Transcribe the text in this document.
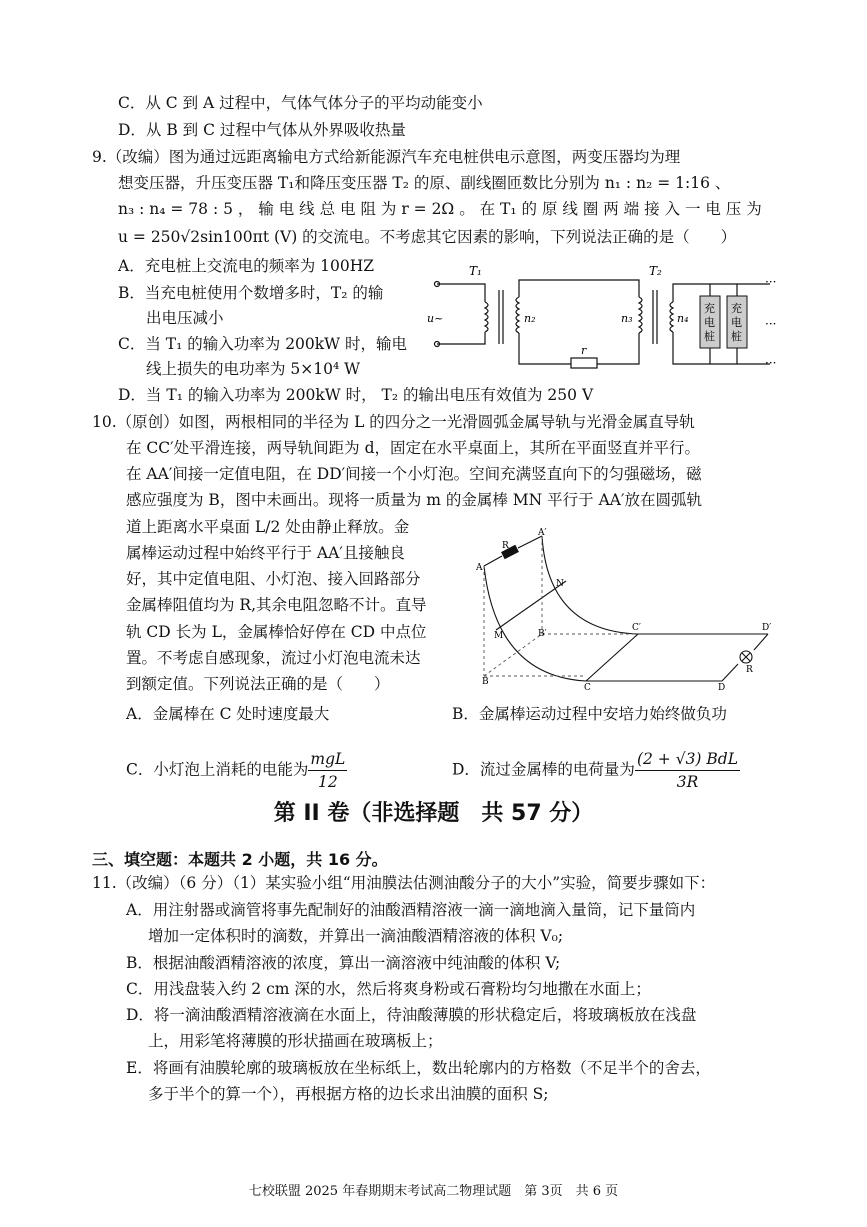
C．从 C 到 A 过程中，气体气体分子的平均动能变小
D．从 B 到 C 过程中气体从外界吸收热量
9.（改编）图为通过远距离输电方式给新能源汽车充电桩供电示意图，两变压器均为理
想变压器，升压变压器 T₁和降压变压器 T₂ 的原、副线圈匝数比分别为 n₁ : n₂ = 1:16 、
n₃ : n₄ = 78 : 5 ， 输 电 线 总 电 阻 为 r = 2Ω 。 在 T₁ 的 原 线 圈 两 端 接 入 一 电 压 为
u = 250√2sin100πt (V) 的交流电。不考虑其它因素的影响，下列说法正确的是（　　）
A．充电桩上交流电的频率为 100HZ
B．当充电桩使用个数增多时，T₂ 的输
出电压减小
C．当 T₁ 的输入功率为 200kW 时，输电
线上损失的电功率为 5×10⁴ W
D．当 T₁ 的输入功率为 200kW 时， T₂ 的输出电压有效值为 250 V
T₁	T₂
u~	n₂	n₃	n₄
r
充电桩
充电桩
···
···
···
10.（原创）如图，两根相同的半径为 L 的四分之一光滑圆弧金属导轨与光滑金属直导轨
在 CC′处平滑连接，两导轨间距为 d，固定在水平桌面上，其所在平面竖直并平行。
在 AA′间接一定值电阻，在 DD′间接一个小灯泡。空间充满竖直向下的匀强磁场，磁
感应强度为 B，图中未画出。现将一质量为 m 的金属棒 MN 平行于 AA′放在圆弧轨
道上距离水平桌面 L/2 处由静止释放。金
属棒运动过程中始终平行于 AA′且接触良
好，其中定值电阻、小灯泡、接入回路部分
金属棒阻值均为 R,其余电阻忽略不计。直导
轨 CD 长为 L，金属棒恰好停在 CD 中点位
置。不考虑自感现象，流过小灯泡电流未达
到额定值。下列说法正确的是（　　）
A
A′
R
N
M
B
B′
C
C′
D
D′
R
A．金属棒在 C 处时速度最大	B．金属棒运动过程中安培力始终做负功
C．小灯泡上消耗的电能为 $\frac{\text{mgL}}{12}$	D．流过金属棒的电荷量为 $\frac{\text{(2 + √3) BdL}}{3R}$
第 II 卷（非选择题　共 57 分）
三、填空题：本题共 2 小题，共 16 分。
11.（改编）（6 分）（1）某实验小组“用油膜法估测油酸分子的大小”实验，简要步骤如下：
A．用注射器或滴管将事先配制好的油酸酒精溶液一滴一滴地滴入量筒，记下量筒内
增加一定体积时的滴数，并算出一滴油酸酒精溶液的体积 V₀;
B．根据油酸酒精溶液的浓度，算出一滴溶液中纯油酸的体积 V;
C．用浅盘装入约 2 cm 深的水，然后将爽身粉或石膏粉均匀地撒在水面上；
D．将一滴油酸酒精溶液滴在水面上，待油酸薄膜的形状稳定后，将玻璃板放在浅盘
上，用彩笔将薄膜的形状描画在玻璃板上；
E．将画有油膜轮廓的玻璃板放在坐标纸上，数出轮廓内的方格数（不足半个的舍去，
多于半个的算一个），再根据方格的边长求出油膜的面积 S;
七校联盟 2025 年春期期末考试高二物理试题　第 3页　共 6 页
